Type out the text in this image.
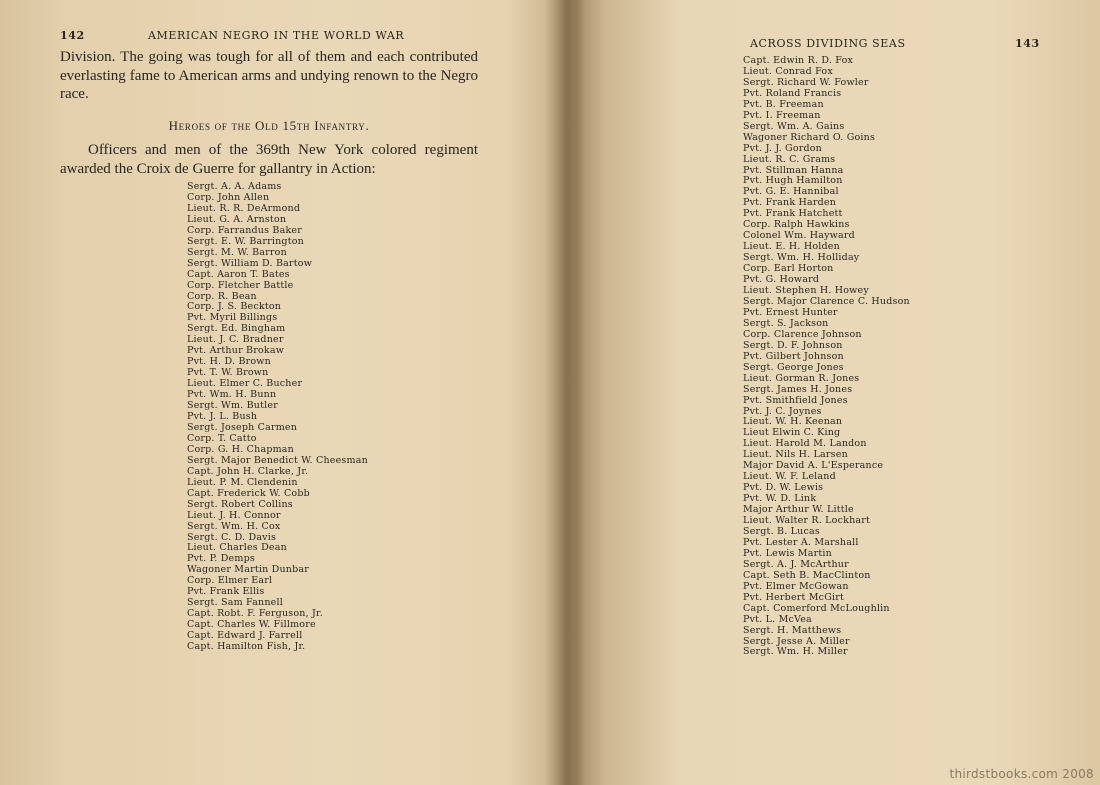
142	AMERICAN NEGRO IN THE WORLD WAR

Division. The going was tough for all of them and each contributed everlasting fame to American arms and undying renown to the Negro race.

Heroes of the Old 15th Infantry.

Officers and men of the 369th New York colored regiment awarded the Croix de Guerre for gallantry in Action:

Sergt. A. A. Adams
Corp. John Allen
Lieut. R. R. DeArmond
Lieut. G. A. Arnston
Corp. Farrandus Baker
Sergt. E. W. Barrington
Sergt. M. W. Barron
Sergt. William D. Bartow
Capt. Aaron T. Bates
Corp. Fletcher Battle
Corp. R. Bean
Corp. J. S. Beckton
Pvt. Myril Billings
Sergt. Ed. Bingham
Lieut. J. C. Bradner
Pvt. Arthur Brokaw
Pvt. H. D. Brown
Pvt. T. W. Brown
Lieut. Elmer C. Bucher
Pvt. Wm. H. Bunn
Sergt. Wm. Butler
Pvt. J. L. Bush
Sergt. Joseph Carmen
Corp. T. Catto
Corp. G. H. Chapman
Sergt. Major Benedict W. Cheesman
Capt. John H. Clarke, Jr.
Lieut. P. M. Clendenin
Capt. Frederick W. Cobb
Sergt. Robert Collins
Lieut. J. H. Connor
Sergt. Wm. H. Cox
Sergt. C. D. Davis
Lieut. Charles Dean
Pvt. P. Demps
Wagoner Martin Dunbar
Corp. Elmer Earl
Pvt. Frank Ellis
Sergt. Sam Fannell
Capt. Robt. F. Ferguson, Jr.
Capt. Charles W. Fillmore
Capt. Edward J. Farrell
Capt. Hamilton Fish, Jr.
ACROSS DIVIDING SEAS	143
Capt. Edwin R. D. Fox
Lieut. Conrad Fox
Sergt. Richard W. Fowler
Pvt. Roland Francis
Pvt. B. Freeman
Pvt. I. Freeman
Sergt. Wm. A. Gains
Wagoner Richard O. Goins
Pvt. J. J. Gordon
Lieut. R. C. Grams
Pvt. Stillman Hanna
Pvt. Hugh Hamilton
Pvt. G. E. Hannibal
Pvt. Frank Harden
Pvt. Frank Hatchett
Corp. Ralph Hawkins
Colonel Wm. Hayward
Lieut. E. H. Holden
Sergt. Wm. H. Holliday
Corp. Earl Horton
Pvt. G. Howard
Lieut. Stephen H. Howey
Sergt. Major Clarence C. Hudson
Pvt. Ernest Hunter
Sergt. S. Jackson
Corp. Clarence Johnson
Sergt. D. F. Johnson
Pvt. Gilbert Johnson
Sergt. George Jones
Lieut. Gorman R. Jones
Sergt. James H. Jones
Pvt. Smithfield Jones
Pvt. J. C. Joynes
Lieut. W. H. Keenan
Lieut Elwin C. King
Lieut. Harold M. Landon
Lieut. Nils H. Larsen
Major David A. L'Esperance
Lieut. W. F. Leland
Pvt. D. W. Lewis
Pvt. W. D. Link
Major Arthur W. Little
Lieut. Walter R. Lockhart
Sergt. B. Lucas
Pvt. Lester A. Marshall
Pvt. Lewis Martin
Sergt. A. J. McArthur
Capt. Seth B. MacClinton
Pvt. Elmer McGowan
Pvt. Herbert McGirt
Capt. Comerford McLoughlin
Pvt. L. McVea
Sergt. H. Matthews
Sergt. Jesse A. Miller
Sergt. Wm. H. Miller
thirdstbooks.com 2008
